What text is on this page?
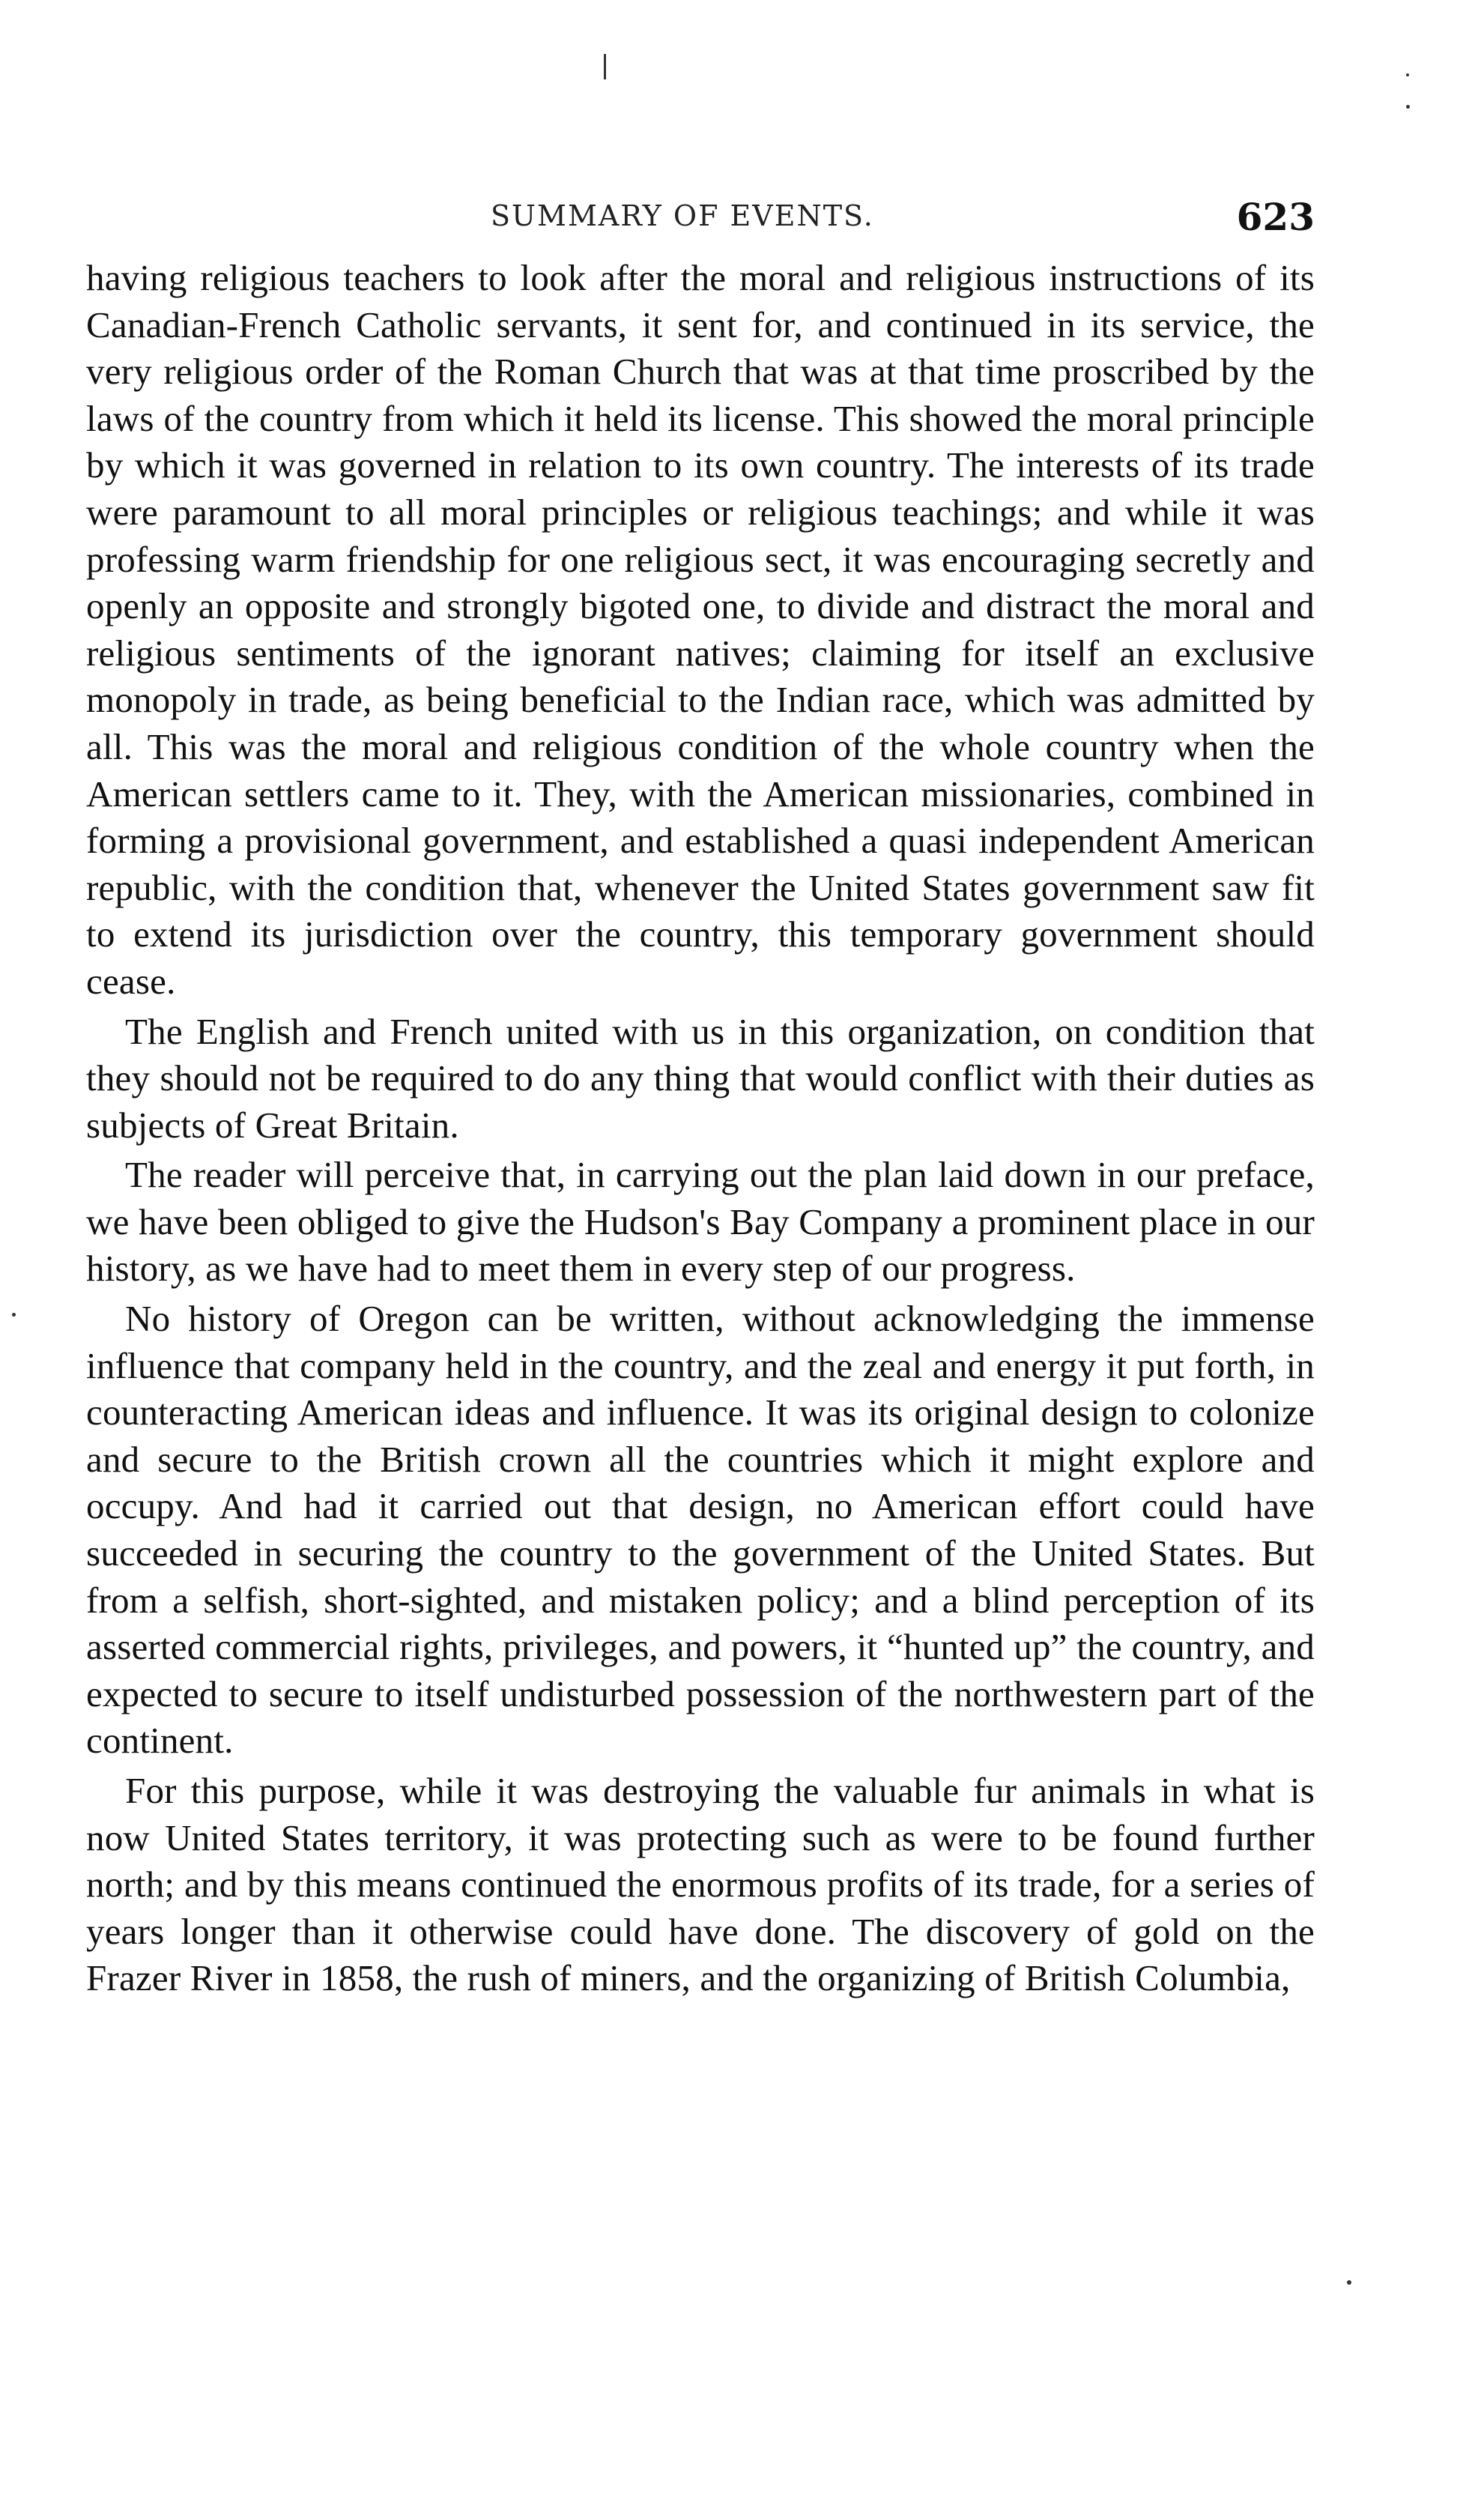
SUMMARY OF EVENTS.	623

having religious teachers to look after the moral and religious instructions of its Canadian-French Catholic servants, it sent for, and continued in its service, the very religious order of the Roman Church that was at that time proscribed by the laws of the country from which it held its license. This showed the moral principle by which it was governed in relation to its own country. The interests of its trade were paramount to all moral principles or religious teachings; and while it was professing warm friendship for one religious sect, it was encouraging secretly and openly an opposite and strongly bigoted one, to divide and distract the moral and religious sentiments of the ignorant natives; claiming for itself an exclusive monopoly in trade, as being beneficial to the Indian race, which was admitted by all. This was the moral and religious condition of the whole country when the American settlers came to it. They, with the American missionaries, combined in forming a provisional government, and established a quasi independent American republic, with the condition that, whenever the United States government saw fit to extend its jurisdiction over the country, this temporary government should cease.

The English and French united with us in this organization, on condition that they should not be required to do any thing that would conflict with their duties as subjects of Great Britain.

The reader will perceive that, in carrying out the plan laid down in our preface, we have been obliged to give the Hudson's Bay Company a prominent place in our history, as we have had to meet them in every step of our progress.

No history of Oregon can be written, without acknowledging the immense influence that company held in the country, and the zeal and energy it put forth, in counteracting American ideas and influence. It was its original design to colonize and secure to the British crown all the countries which it might explore and occupy. And had it carried out that design, no American effort could have succeeded in securing the country to the government of the United States. But from a selfish, short-sighted, and mistaken policy; and a blind perception of its asserted commercial rights, privileges, and powers, it “hunted up” the country, and expected to secure to itself undisturbed possession of the northwestern part of the continent.

For this purpose, while it was destroying the valuable fur animals in what is now United States territory, it was protecting such as were to be found further north; and by this means continued the enormous profits of its trade, for a series of years longer than it otherwise could have done. The discovery of gold on the Frazer River in 1858, the rush of miners, and the organizing of British Columbia,
